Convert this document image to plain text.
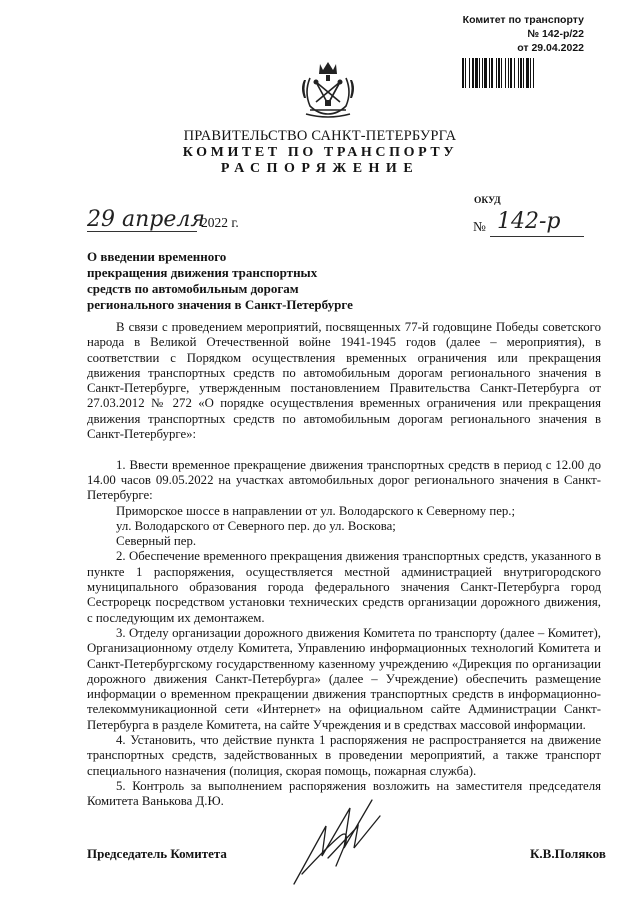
Комитет по транспорту
№ 142-р/22
от 29.04.2022
ПРАВИТЕЛЬСТВО САНКТ-ПЕТЕРБУРГА
КОМИТЕТ ПО ТРАНСПОРТУ
РАСПОРЯЖЕНИЕ
ОКУД
29 апреля
2022 г.	№ 142-р
О введении временного
прекращения движения транспортных
средств по автомобильным дорогам
регионального значения в Санкт-Петербурге

В связи с проведением мероприятий, посвященных 77-й годовщине Победы советского народа в Великой Отечественной войне 1941-1945 годов (далее – мероприятия), в соответствии с Порядком осуществления временных ограничения или прекращения движения транспортных средств по автомобильным дорогам регионального значения в Санкт-Петербурге, утвержденным постановлением Правительства Санкт-Петербурга от 27.03.2012 № 272 «О порядке осуществления временных ограничения или прекращения движения транспортных средств по автомобильным дорогам регионального значения в Санкт-Петербурге»:

1. Ввести временное прекращение движения транспортных средств в период с 12.00 до 14.00 часов 09.05.2022 на участках автомобильных дорог регионального значения в Санкт-Петербурге:

Приморское шоссе в направлении от ул. Володарского к Северному пер.;

ул. Володарского от Северного пер. до ул. Воскова;

Северный пер.

2. Обеспечение временного прекращения движения транспортных средств, указанного в пункте 1 распоряжения, осуществляется местной администрацией внутригородского муниципального образования города федерального значения Санкт-Петербурга город Сестрорецк посредством установки технических средств организации дорожного движения, с последующим их демонтажем.

3. Отделу организации дорожного движения Комитета по транспорту (далее – Комитет), Организационному отделу Комитета, Управлению информационных технологий Комитета и Санкт-Петербургскому государственному казенному учреждению «Дирекция по организации дорожного движения Санкт-Петербурга» (далее – Учреждение) обеспечить размещение информации о временном прекращении движения транспортных средств в информационно-телекоммуникационной сети «Интернет» на официальном сайте Администрации Санкт-Петербурга в разделе Комитета, на сайте Учреждения и в средствах массовой информации.

4. Установить, что действие пункта 1 распоряжения не распространяется на движение транспортных средств, задействованных в проведении мероприятий, а также транспорт специального назначения (полиция, скорая помощь, пожарная служба).

5. Контроль за выполнением распоряжения возложить на заместителя председателя Комитета Ванькова Д.Ю.

Председатель Комитета	К.В.Поляков
